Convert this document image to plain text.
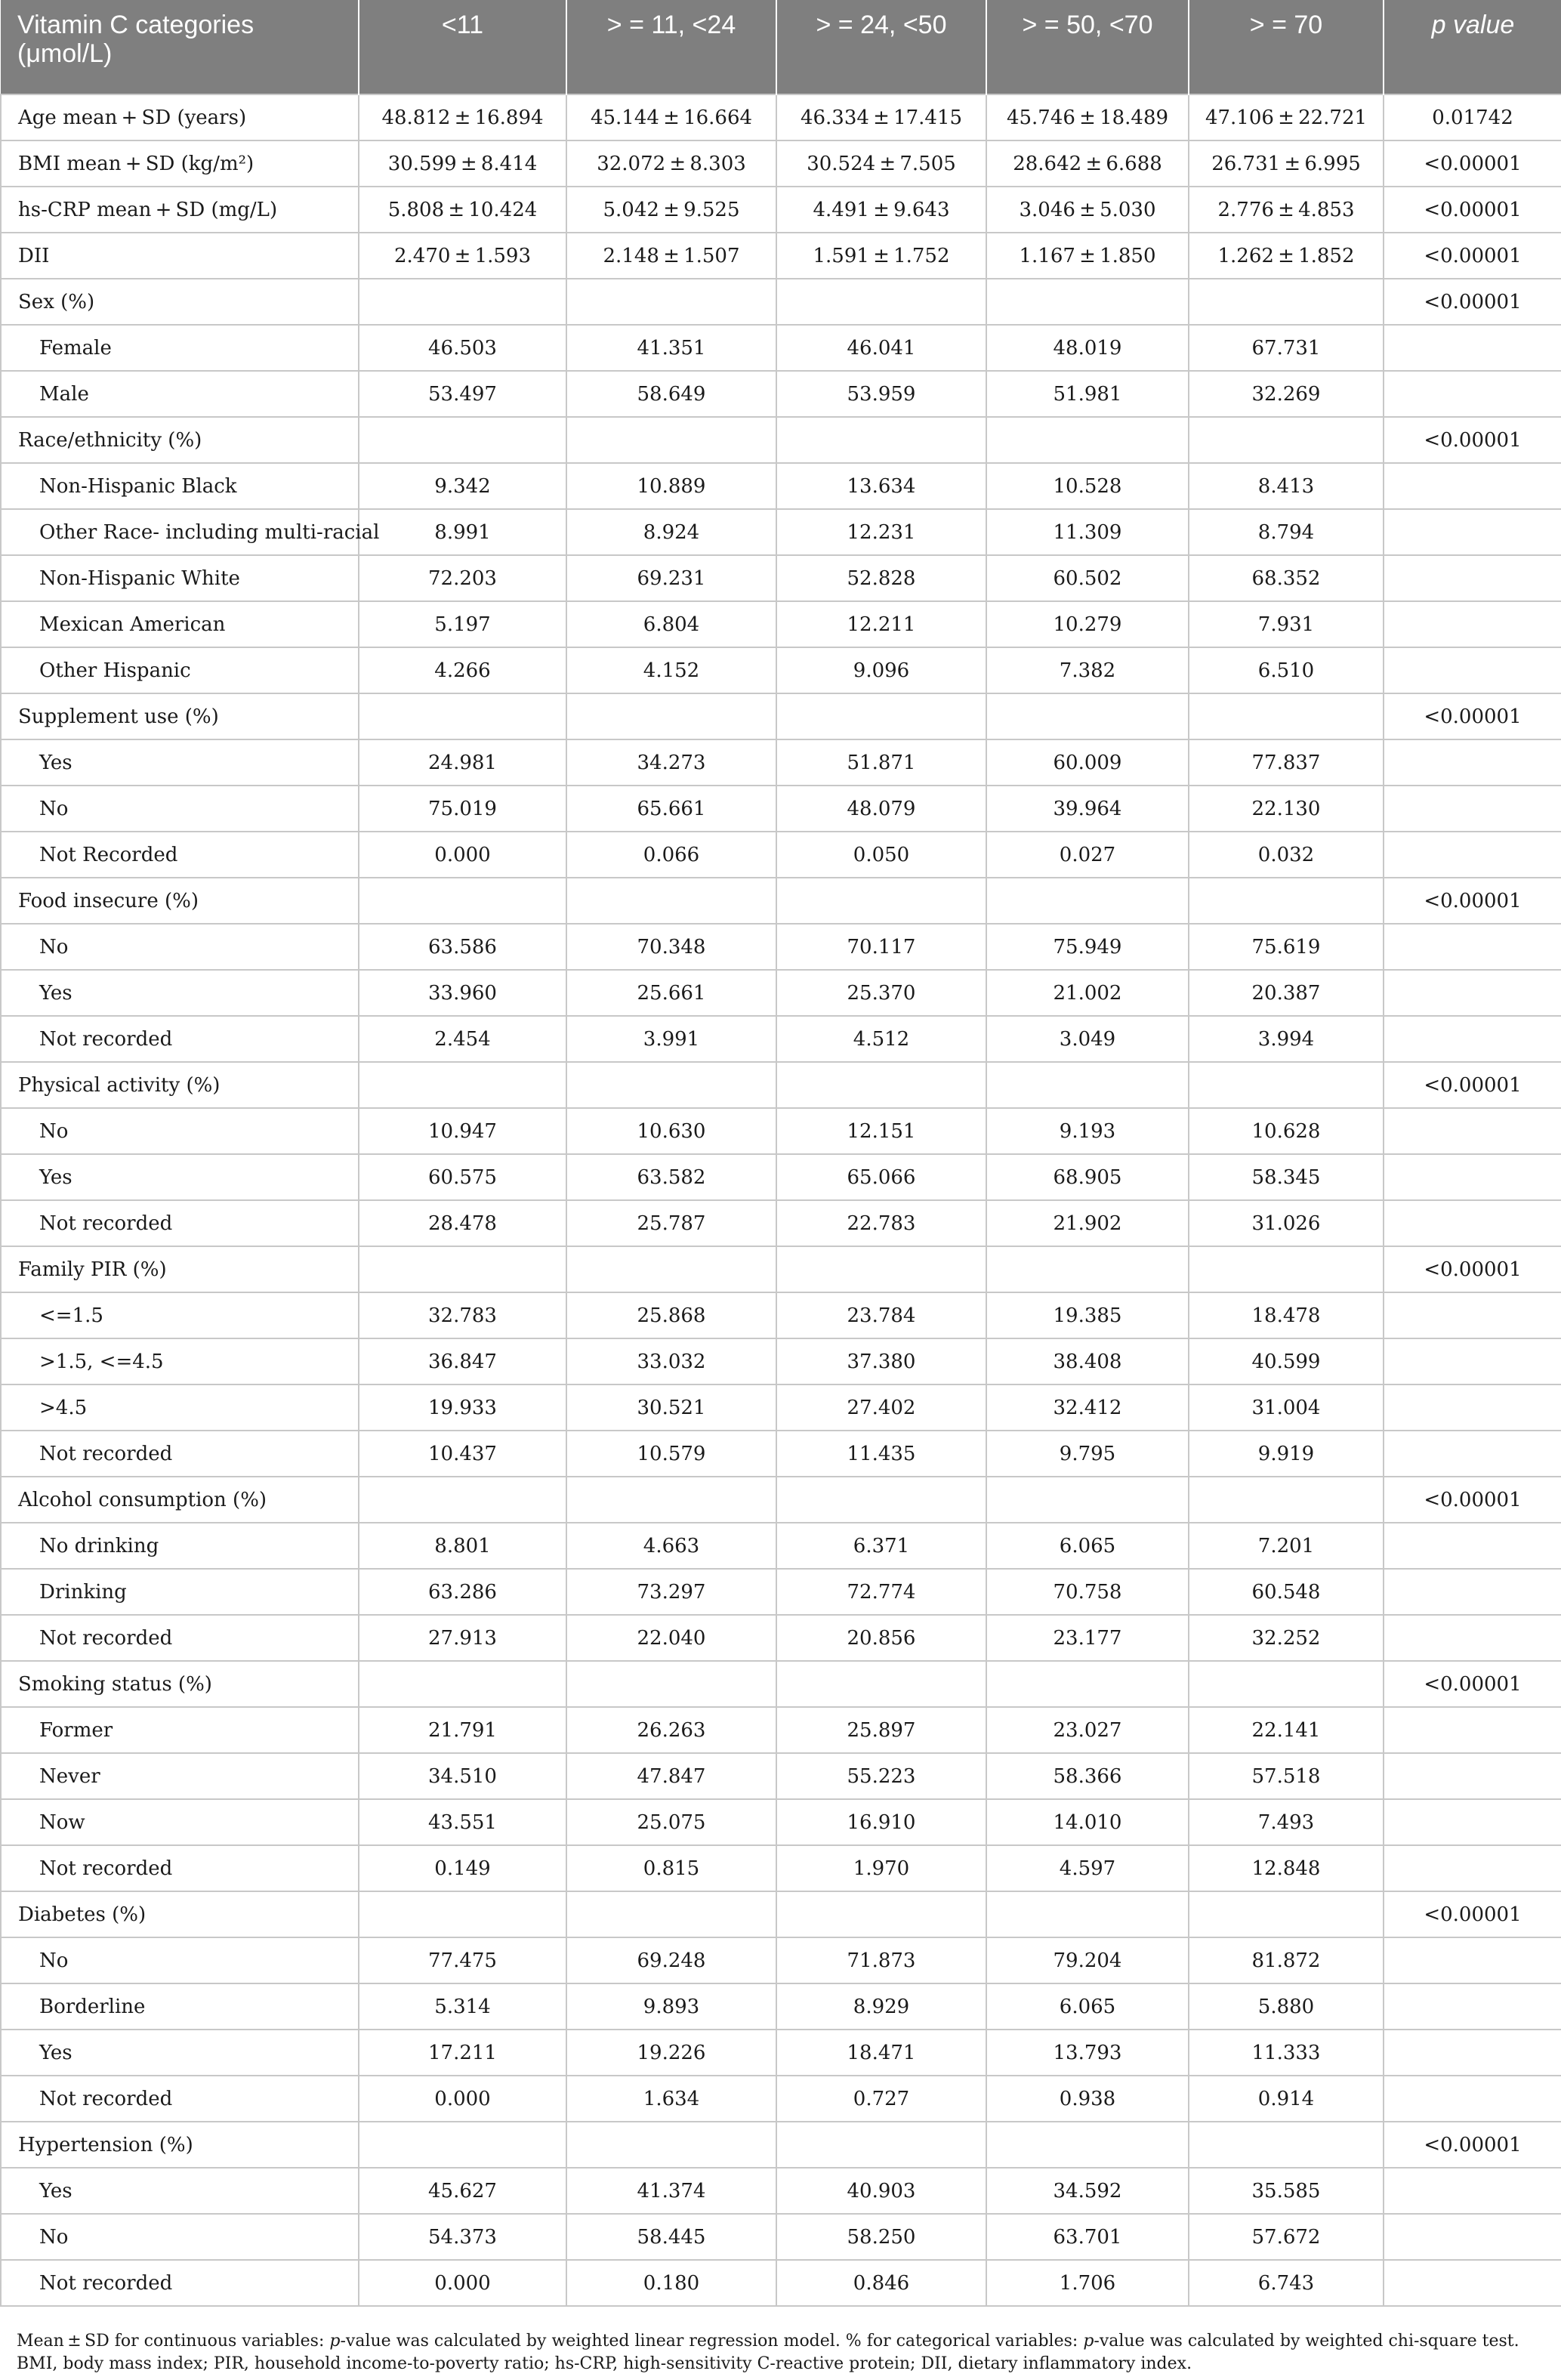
Vitamin C categories (μmol/L)	<11	> = 11, <24	> = 24, <50	> = 50, <70	> = 70	p value
Age mean + SD (years)	48.812 ± 16.894	45.144 ± 16.664	46.334 ± 17.415	45.746 ± 18.489	47.106 ± 22.721	0.01742
BMI mean + SD (kg/m²)	30.599 ± 8.414	32.072 ± 8.303	30.524 ± 7.505	28.642 ± 6.688	26.731 ± 6.995	<0.00001
hs-CRP mean + SD (mg/L)	5.808 ± 10.424	5.042 ± 9.525	4.491 ± 9.643	3.046 ± 5.030	2.776 ± 4.853	<0.00001
DII	2.470 ± 1.593	2.148 ± 1.507	1.591 ± 1.752	1.167 ± 1.850	1.262 ± 1.852	<0.00001
Sex (%)						<0.00001
Female	46.503	41.351	46.041	48.019	67.731	
Male	53.497	58.649	53.959	51.981	32.269	
Race/ethnicity (%)						<0.00001
Non-Hispanic Black	9.342	10.889	13.634	10.528	8.413	
Other Race- including multi-racial	8.991	8.924	12.231	11.309	8.794	
Non-Hispanic White	72.203	69.231	52.828	60.502	68.352	
Mexican American	5.197	6.804	12.211	10.279	7.931	
Other Hispanic	4.266	4.152	9.096	7.382	6.510	
Supplement use (%)						<0.00001
Yes	24.981	34.273	51.871	60.009	77.837	
No	75.019	65.661	48.079	39.964	22.130	
Not Recorded	0.000	0.066	0.050	0.027	0.032	
Food insecure (%)						<0.00001
No	63.586	70.348	70.117	75.949	75.619	
Yes	33.960	25.661	25.370	21.002	20.387	
Not recorded	2.454	3.991	4.512	3.049	3.994	
Physical activity (%)						<0.00001
No	10.947	10.630	12.151	9.193	10.628	
Yes	60.575	63.582	65.066	68.905	58.345	
Not recorded	28.478	25.787	22.783	21.902	31.026	
Family PIR (%)						<0.00001
<=1.5	32.783	25.868	23.784	19.385	18.478	
>1.5, <=4.5	36.847	33.032	37.380	38.408	40.599	
>4.5	19.933	30.521	27.402	32.412	31.004	
Not recorded	10.437	10.579	11.435	9.795	9.919	
Alcohol consumption (%)						<0.00001
No drinking	8.801	4.663	6.371	6.065	7.201	
Drinking	63.286	73.297	72.774	70.758	60.548	
Not recorded	27.913	22.040	20.856	23.177	32.252	
Smoking status (%)						<0.00001
Former	21.791	26.263	25.897	23.027	22.141	
Never	34.510	47.847	55.223	58.366	57.518	
Now	43.551	25.075	16.910	14.010	7.493	
Not recorded	0.149	0.815	1.970	4.597	12.848	
Diabetes (%)						<0.00001
No	77.475	69.248	71.873	79.204	81.872	
Borderline	5.314	9.893	8.929	6.065	5.880	
Yes	17.211	19.226	18.471	13.793	11.333	
Not recorded	0.000	1.634	0.727	0.938	0.914	
Hypertension (%)						<0.00001
Yes	45.627	41.374	40.903	34.592	35.585	
No	54.373	58.445	58.250	63.701	57.672	
Not recorded	0.000	0.180	0.846	1.706	6.743	
Mean ± SD for continuous variables: p-value was calculated by weighted linear regression model. % for categorical variables: p-value was calculated by weighted chi-square test. BMI, body mass index; PIR, household income-to-poverty ratio; hs-CRP, high-sensitivity C-reactive protein; DII, dietary inflammatory index.
